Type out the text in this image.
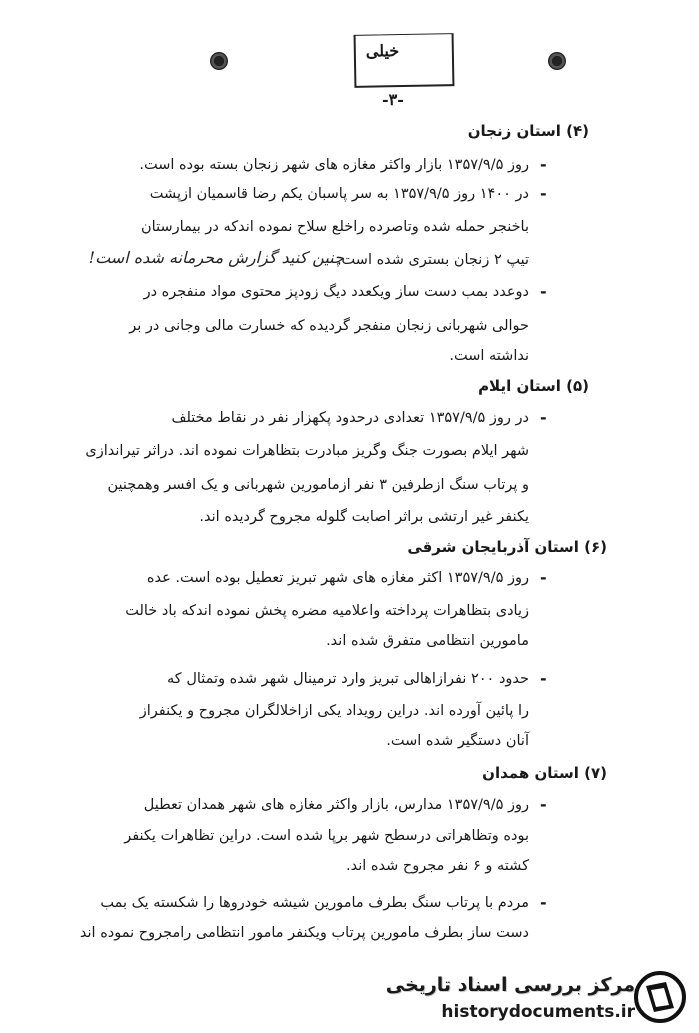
خیلی
-۳-
(۴) استان زنجان
-
روز ۱۳۵۷/۹/۵ بازار واکثر مغازه های شهر زنجان بسته بوده است.
-
در ۱۴۰۰ روز ۱۳۵۷/۹/۵ به سر پاسبان یکم رضا قاسمیان ازپشت
باخنجر حمله شده وتاصرده راخلع سلاح نموده اندکه در بیمارستان
تیپ ۲ زنجان بستری شده است.
چنین کنید گزارش محرمانه شده است!
-
دوعدد بمب دست ساز ویکعدد دیگ زودپز محتوی مواد منفجره در
حوالی شهربانی زنجان منفجر گردیده که خسارت مالی وجانی در بر
نداشته است.
(۵) استان ایلام
-
در روز ۱۳۵۷/۹/۵ تعدادی درحدود پکهزار نفر در نقاط مختلف
شهر ایلام بصورت جنگ وگریز مبادرت بتظاهرات نموده اند. دراثر تیراندازی
و پرتاب سنگ ازطرفین ۳ نفر ازمامورین شهربانی و یک افسر وهمچنین
یکنفر غیر ارتشی براثر اصابت گلوله مجروح گردیده اند.
(۶) استان آذربایجان شرقی
-
روز ۱۳۵۷/۹/۵ اکثر مغازه های شهر تبریز تعطیل بوده است. عده
زیادی بتظاهرات پرداخته واعلامیه مضره پخش نموده اندکه باد خالت
مامورین انتظامی متفرق شده اند.
-
حدود ۲۰۰ نفرازاهالی تبریز وارد ترمینال شهر شده وتمثال که
را پائین آورده اند. دراین رویداد یکی ازاخلالگران مجروح و یکنفراز
آنان دستگیر شده است.
(۷) استان همدان
-
روز ۱۳۵۷/۹/۵ مدارس، بازار واکثر مغازه های شهر همدان تعطیل
بوده وتظاهراتی درسطح شهر برپا شده است. دراین تظاهرات یکنفر
کشته و ۶ نفر مجروح شده اند.
-
مردم با پرتاب سنگ بطرف مامورین شیشه خودروها را شکسته یک بمب
دست ساز بطرف مامورین پرتاب ویکنفر مامور انتظامی رامجروح نموده اند
مرکز بررسی اسناد تاریخی
historydocuments.ir
